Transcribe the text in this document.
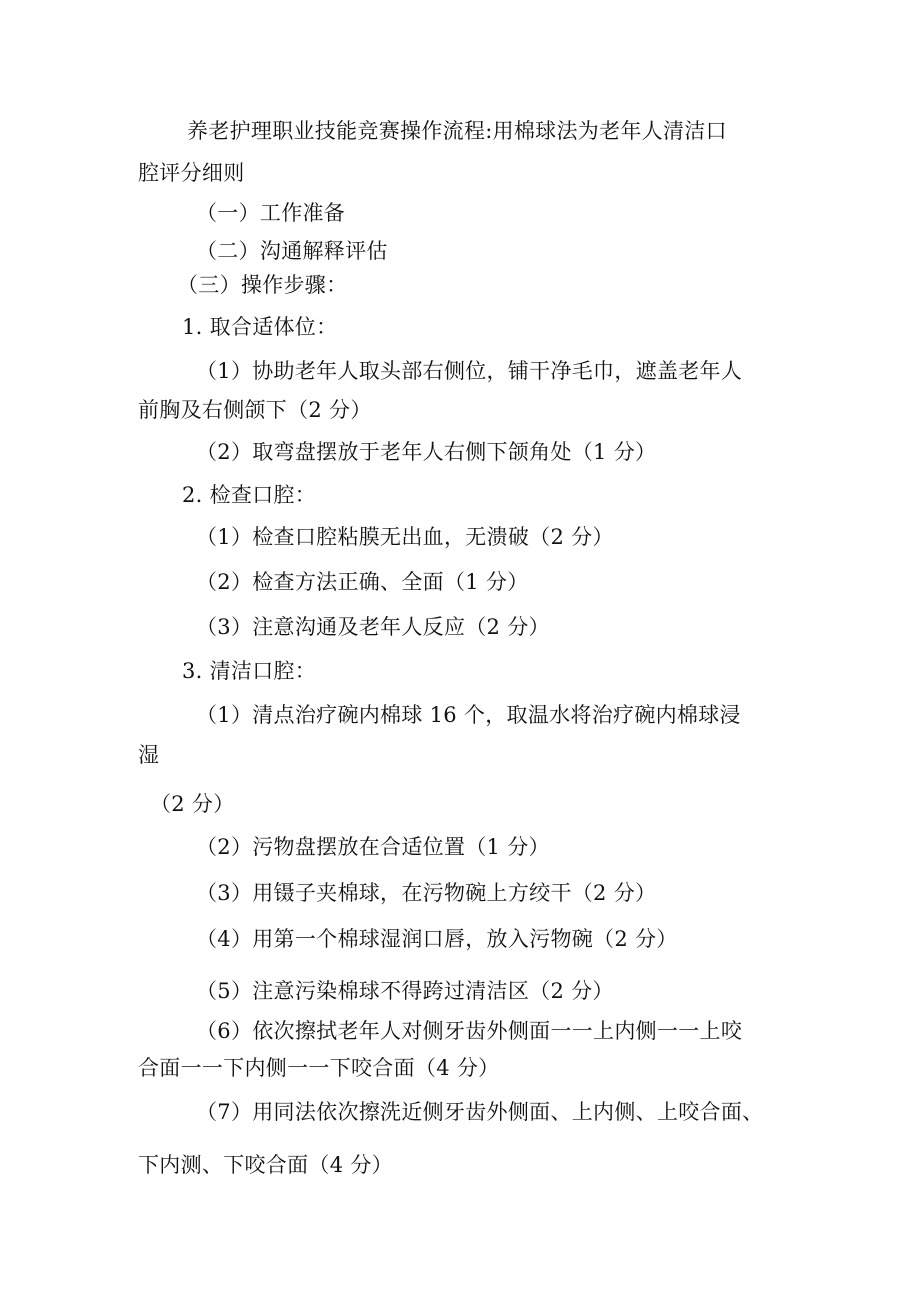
养老护理职业技能竞赛操作流程:用棉球法为老年人清洁口
腔评分细则
（一）工作准备
（二）沟通解释评估
（三）操作步骤：
1. 取合适体位：
（1）协助老年人取头部右侧位，铺干净毛巾，遮盖老年人
前胸及右侧颌下（2 分）
（2）取弯盘摆放于老年人右侧下颌角处（1 分）
2. 检查口腔：
（1）检查口腔粘膜无出血，无溃破（2 分）
（2）检查方法正确、全面（1 分）
（3）注意沟通及老年人反应（2 分）
3. 清洁口腔：
（1）清点治疗碗内棉球 16 个，取温水将治疗碗内棉球浸
湿
（2 分）
（2）污物盘摆放在合适位置（1 分）
（3）用镊子夹棉球，在污物碗上方绞干（2 分）
（4）用第一个棉球湿润口唇，放入污物碗（2 分）
（5）注意污染棉球不得跨过清洁区（2 分）
（6）依次擦拭老年人对侧牙齿外侧面一一上内侧一一上咬
合面一一下内侧一一下咬合面（4 分）
（7）用同法依次擦洗近侧牙齿外侧面、上内侧、上咬合面、
下内测、下咬合面（4 分）
